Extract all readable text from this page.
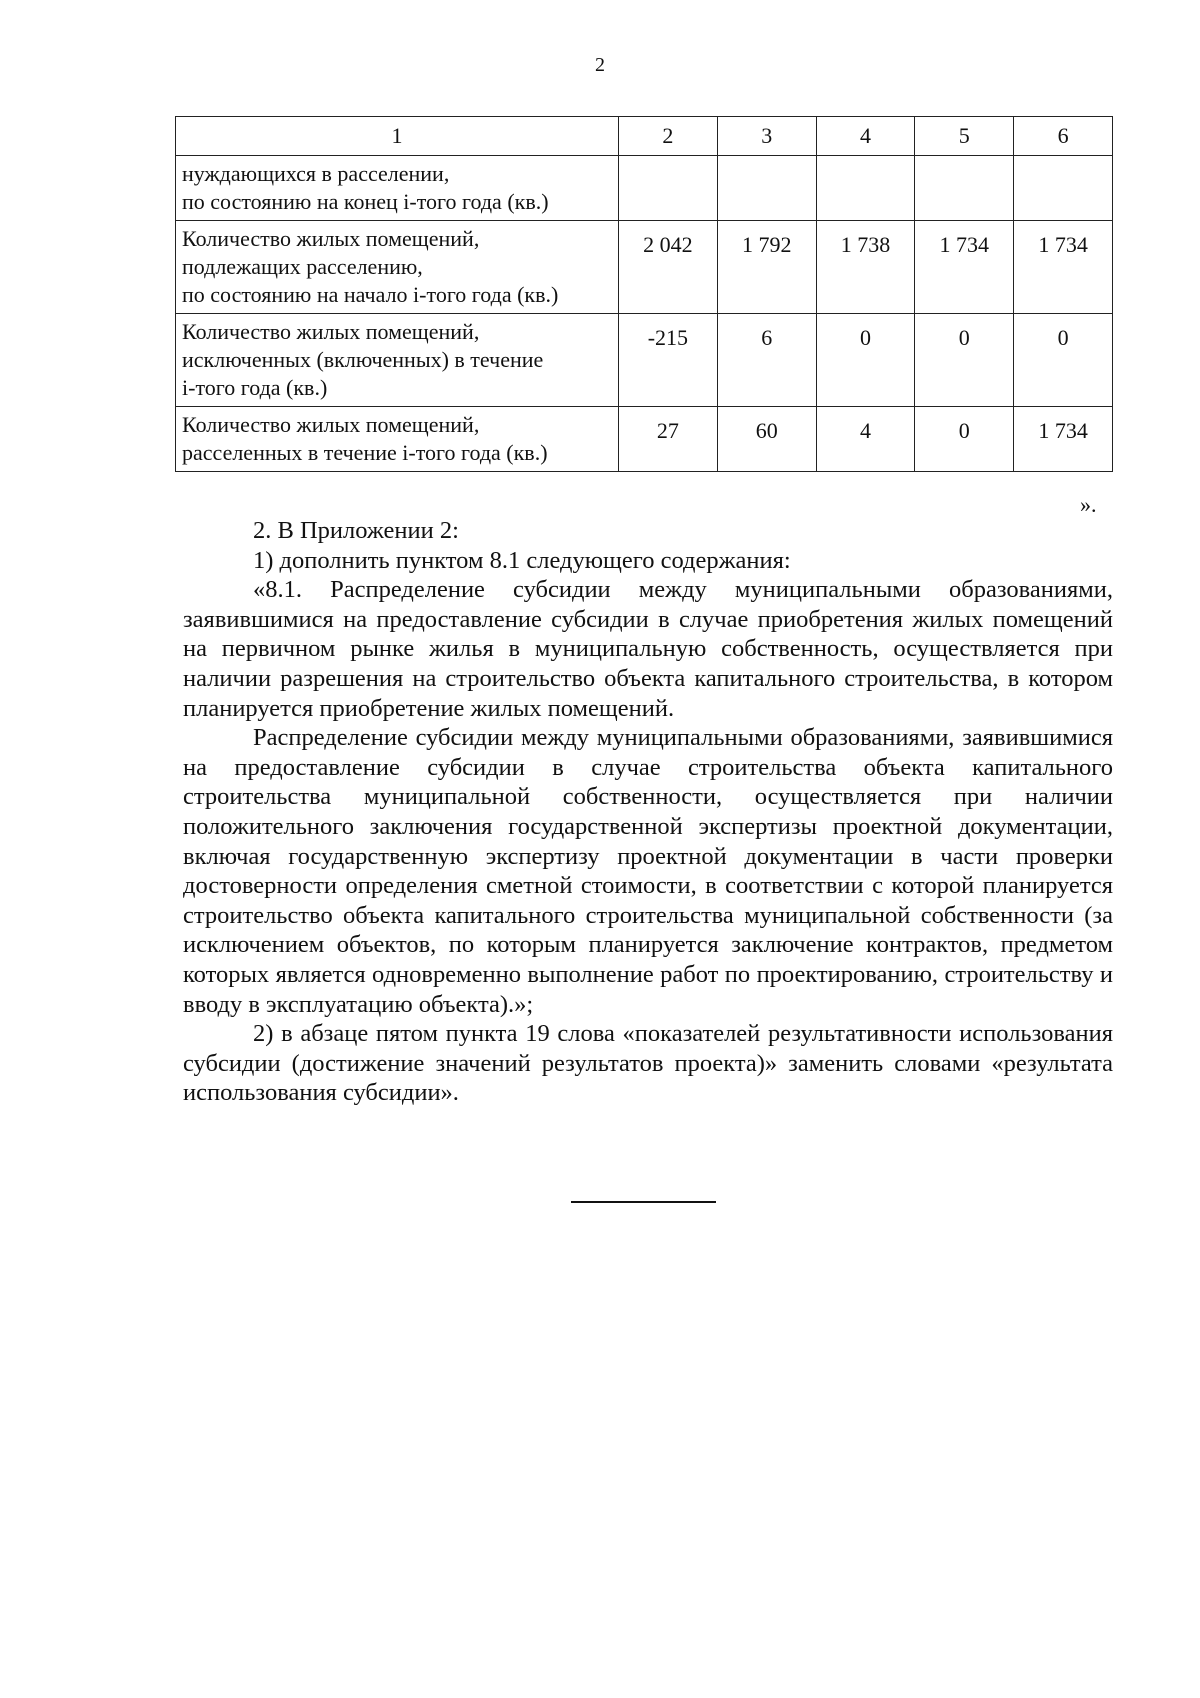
2
1	2	3	4	5	6

нуждающихся в расселении,
по состоянию на конец i-того года (кв.)					

Количество жилых помещений,
подлежащих расселению,
по состоянию на начало i-того года (кв.)	2 042	1 792	1 738	1 734	1 734

Количество жилых помещений,
исключенных (включенных) в течение
i-того года (кв.)	-215	6	0	0	0

Количество жилых помещений,
расселенных в течение i-того года (кв.)	27	60	4	0	1 734
».

2. В Приложении 2:

1) дополнить пунктом 8.1 следующего содержания:

«8.1. Распределение субсидии между муниципальными образованиями, заявившимися на предоставление субсидии в случае приобретения жилых помещений на первичном рынке жилья в муниципальную собственность, осуществляется при наличии разрешения на строительство объекта капитального строительства, в котором планируется приобретение жилых помещений.

Распределение субсидии между муниципальными образованиями, заявившимися на предоставление субсидии в случае строительства объекта капитального строительства муниципальной собственности, осуществляется при наличии положительного заключения государственной экспертизы проектной документации, включая государственную экспертизу проектной документации в части проверки достоверности определения сметной стоимости, в соответствии с которой планируется строительство объекта капитального строительства муниципальной собственности (за исключением объектов, по которым планируется заключение контрактов, предметом которых является одновременно выполнение работ по проектированию, строительству и вводу в эксплуатацию объекта).»;

2) в абзаце пятом пункта 19 слова «показателей результативности использования субсидии (достижение значений результатов проекта)» заменить словами «результата использования субсидии».
